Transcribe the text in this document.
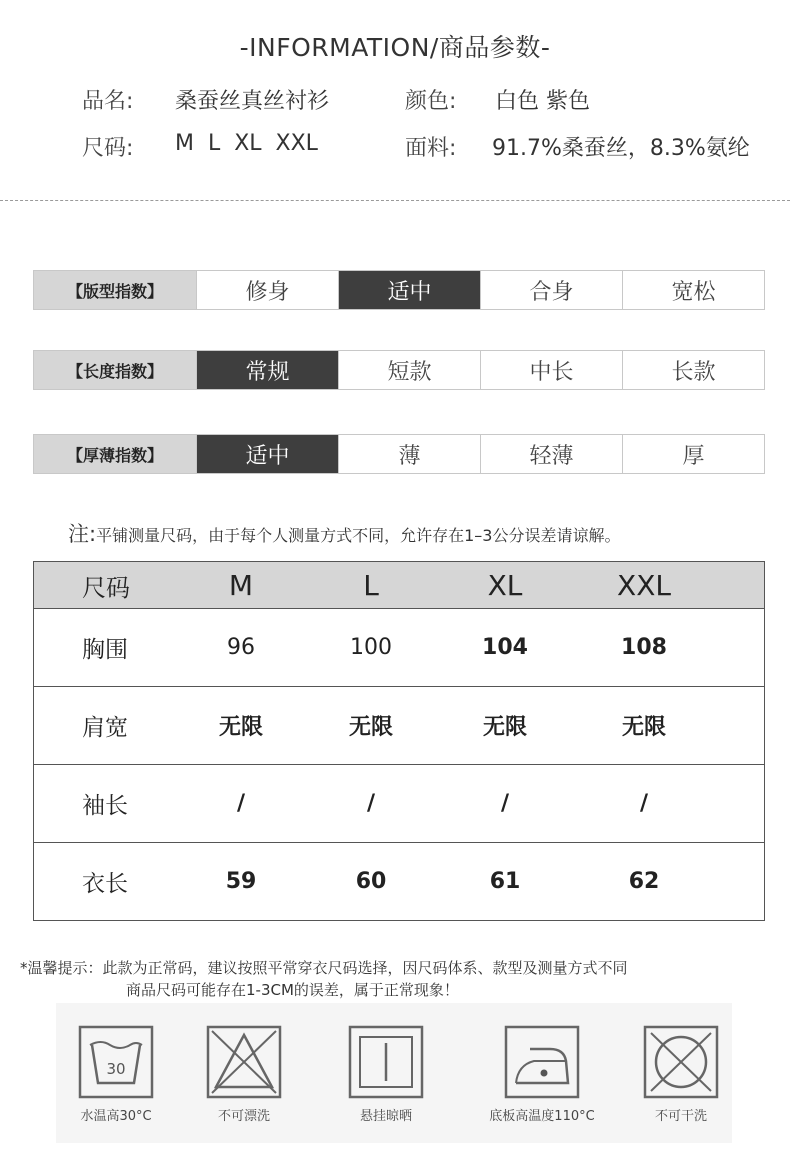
-INFORMATION/商品参数-
品名: 桑蚕丝真丝衬衫	颜色: 白色 紫色
尺码: M  L  XL  XXL	面料: 91.7%桑蚕丝，8.3%氨纶
【版型指数】	修身	适中	合身	宽松
【长度指数】	常规	短款	中长	长款
【厚薄指数】	适中	薄	轻薄	厚
注:平铺测量尺码，由于每个人测量方式不同，允许存在1–3公分误差请谅解。
尺码	M	L	XL	XXL
胸围	96	100	104	108
肩宽	无限	无限	无限	无限
袖长	/	/	/	/
衣长	59	60	61	62
*温馨提示：此款为正常码，建议按照平常穿衣尺码选择，因尺码体系、款型及测量方式不同
商品尺码可能存在1-3CM的误差，属于正常现象！
30
水温高30°C	不可漂洗	悬挂晾晒	底板高温度110°C	不可干洗
